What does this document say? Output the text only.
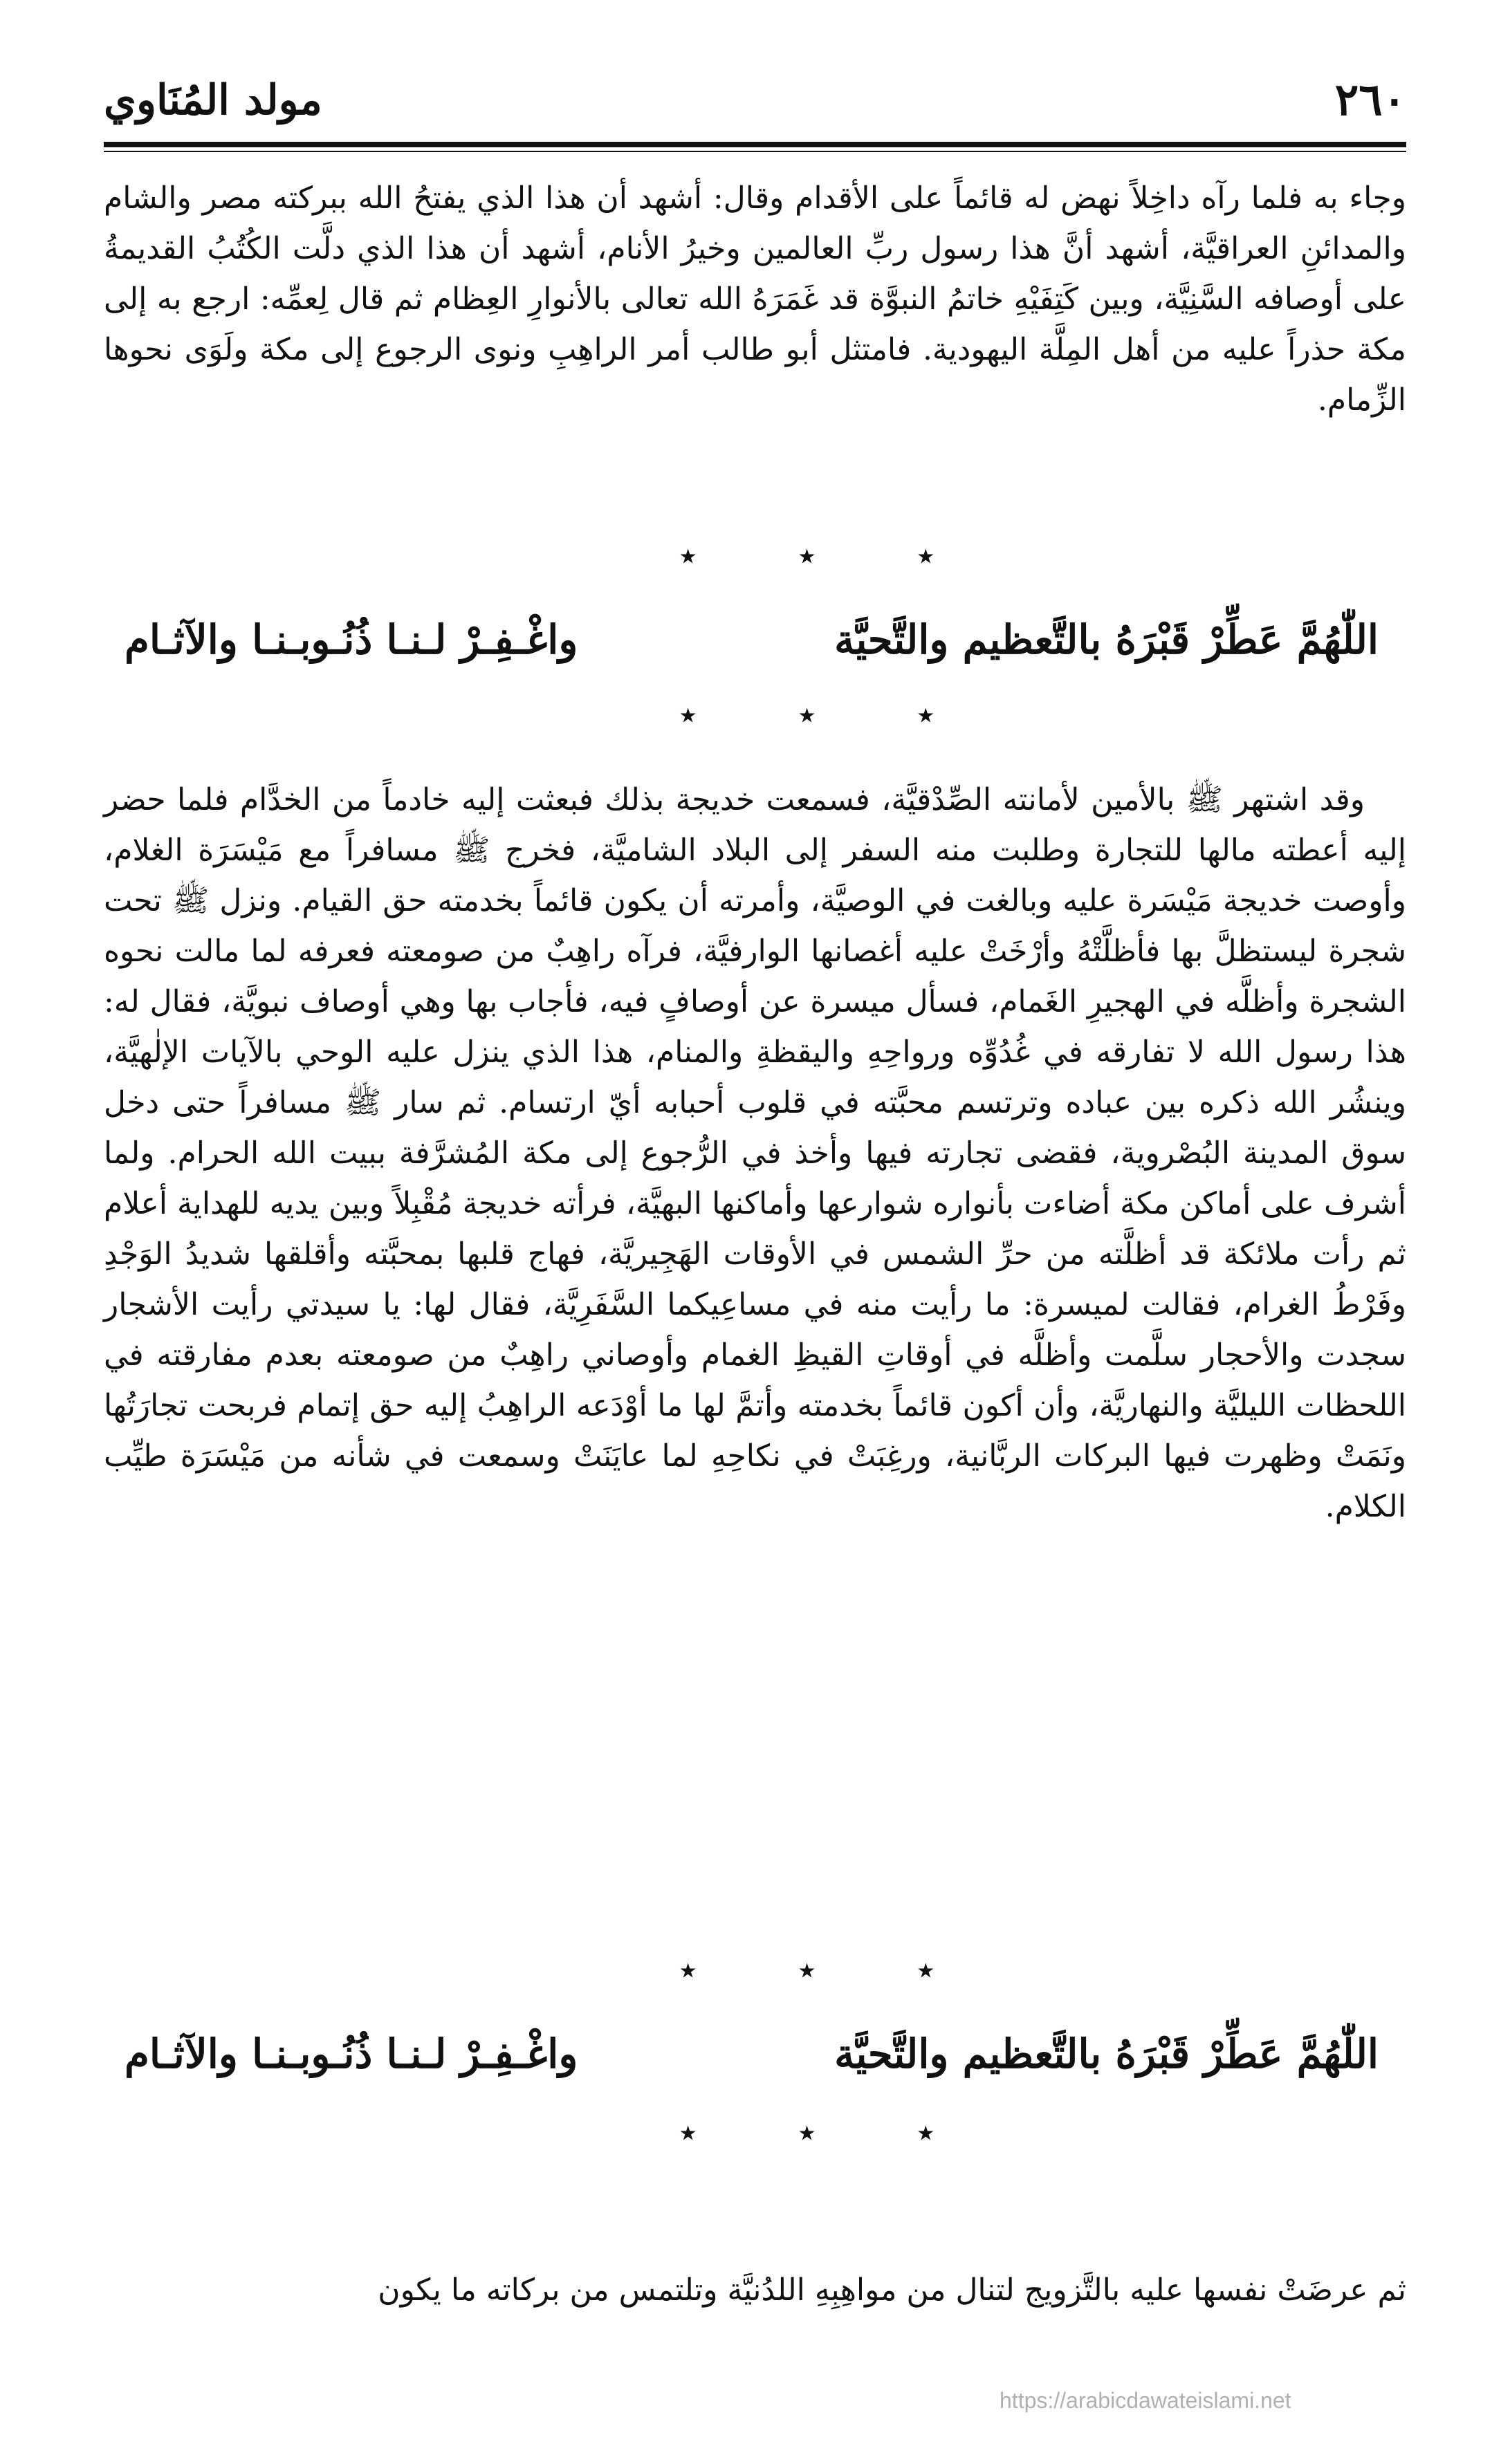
٢٦٠
مولد المُنَاوي
وجاء به فلما رآه داخِلاً نهض له قائماً على الأقدام وقال: أشهد أن هذا الذي يفتحُ الله ببركته مصر والشام والمدائنِ العراقيَّة، أشهد أنَّ هذا رسول ربِّ العالمين وخيرُ الأنام، أشهد أن هذا الذي دلَّت الكُتُبُ القديمةُ على أوصافه السَّنِيَّة، وبين كَتِفَيْهِ خاتمُ النبوَّة قد غَمَرَهُ الله تعالى بالأنوارِ العِظام ثم قال لِعمِّه: ارجع به إلى مكة حذراً عليه من أهل المِلَّة اليهودية. فامتثل أبو طالب أمر الراهِبِ ونوى الرجوع إلى مكة ولَوَى نحوها الزِّمام.
٭	٭	٭
اللّٰهُمَّ عَطِّرْ قَبْرَهُ بالتَّعظيم والتَّحيَّة
واغْـفِـرْ لـنـا ذُنُـوبـنـا والآثـام
٭	٭	٭
وقد اشتهر ﷺ بالأمين لأمانته الصِّدْقيَّة، فسمعت خديجة بذلك فبعثت إليه خادماً من الخدَّام فلما حضر إليه أعطته مالها للتجارة وطلبت منه السفر إلى البلاد الشاميَّة، فخرج ﷺ مسافراً مع مَيْسَرَة الغلام، وأوصت خديجة مَيْسَرة عليه وبالغت في الوصيَّة، وأمرته أن يكون قائماً بخدمته حق القيام. ونزل ﷺ تحت شجرة ليستظلَّ بها فأظلَّتْهُ وأرْخَتْ عليه أغصانها الوارفيَّة، فرآه راهِبٌ من صومعته فعرفه لما مالت نحوه الشجرة وأظلَّه في الهجيرِ الغَمام، فسأل ميسرة عن أوصافٍ فيه، فأجاب بها وهي أوصاف نبويَّة، فقال له: هذا رسول الله لا تفارقه في غُدُوِّه ورواحِهِ واليقظةِ والمنام، هذا الذي ينزل عليه الوحي بالآيات الإلٰهيَّة، وينشُر الله ذكره بين عباده وترتسم محبَّته في قلوب أحبابه أيّ ارتسام. ثم سار ﷺ مسافراً حتى دخل سوق المدينة البُصْروية، فقضى تجارته فيها وأخذ في الرُّجوع إلى مكة المُشرَّفة ببيت الله الحرام. ولما أشرف على أماكن مكة أضاءت بأنواره شوارعها وأماكنها البهيَّة، فرأته خديجة مُقْبِلاً وبين يديه للهداية أعلام ثم رأت ملائكة قد أظلَّته من حرِّ الشمس في الأوقات الهَجِيريَّة، فهاج قلبها بمحبَّته وأقلقها شديدُ الوَجْدِ وفَرْطُ الغرام، فقالت لميسرة: ما رأيت منه في مساعِيكما السَّفَرِيَّة، فقال لها: يا سيدتي رأيت الأشجار سجدت والأحجار سلَّمت وأظلَّه في أوقاتِ القيظِ الغمام وأوصاني راهِبٌ من صومعته بعدم مفارقته في اللحظات الليليَّة والنهاريَّة، وأن أكون قائماً بخدمته وأتمَّ لها ما أوْدَعه الراهِبُ إليه حق إتمام فربحت تجارَتُها ونَمَتْ وظهرت فيها البركات الربَّانية، ورغِبَتْ في نكاحِهِ لما عايَنَتْ وسمعت في شأنه من مَيْسَرَة طيِّب الكلام.
٭	٭	٭
اللّٰهُمَّ عَطِّرْ قَبْرَهُ بالتَّعظيم والتَّحيَّة
واغْـفِـرْ لـنـا ذُنُـوبـنـا والآثـام
٭	٭	٭
ثم عرضَتْ نفسها عليه بالتَّزويج لتنال من مواهِبِهِ اللدُنيَّة وتلتمس من بركاته ما يكون
https://arabicdawateislami.net
